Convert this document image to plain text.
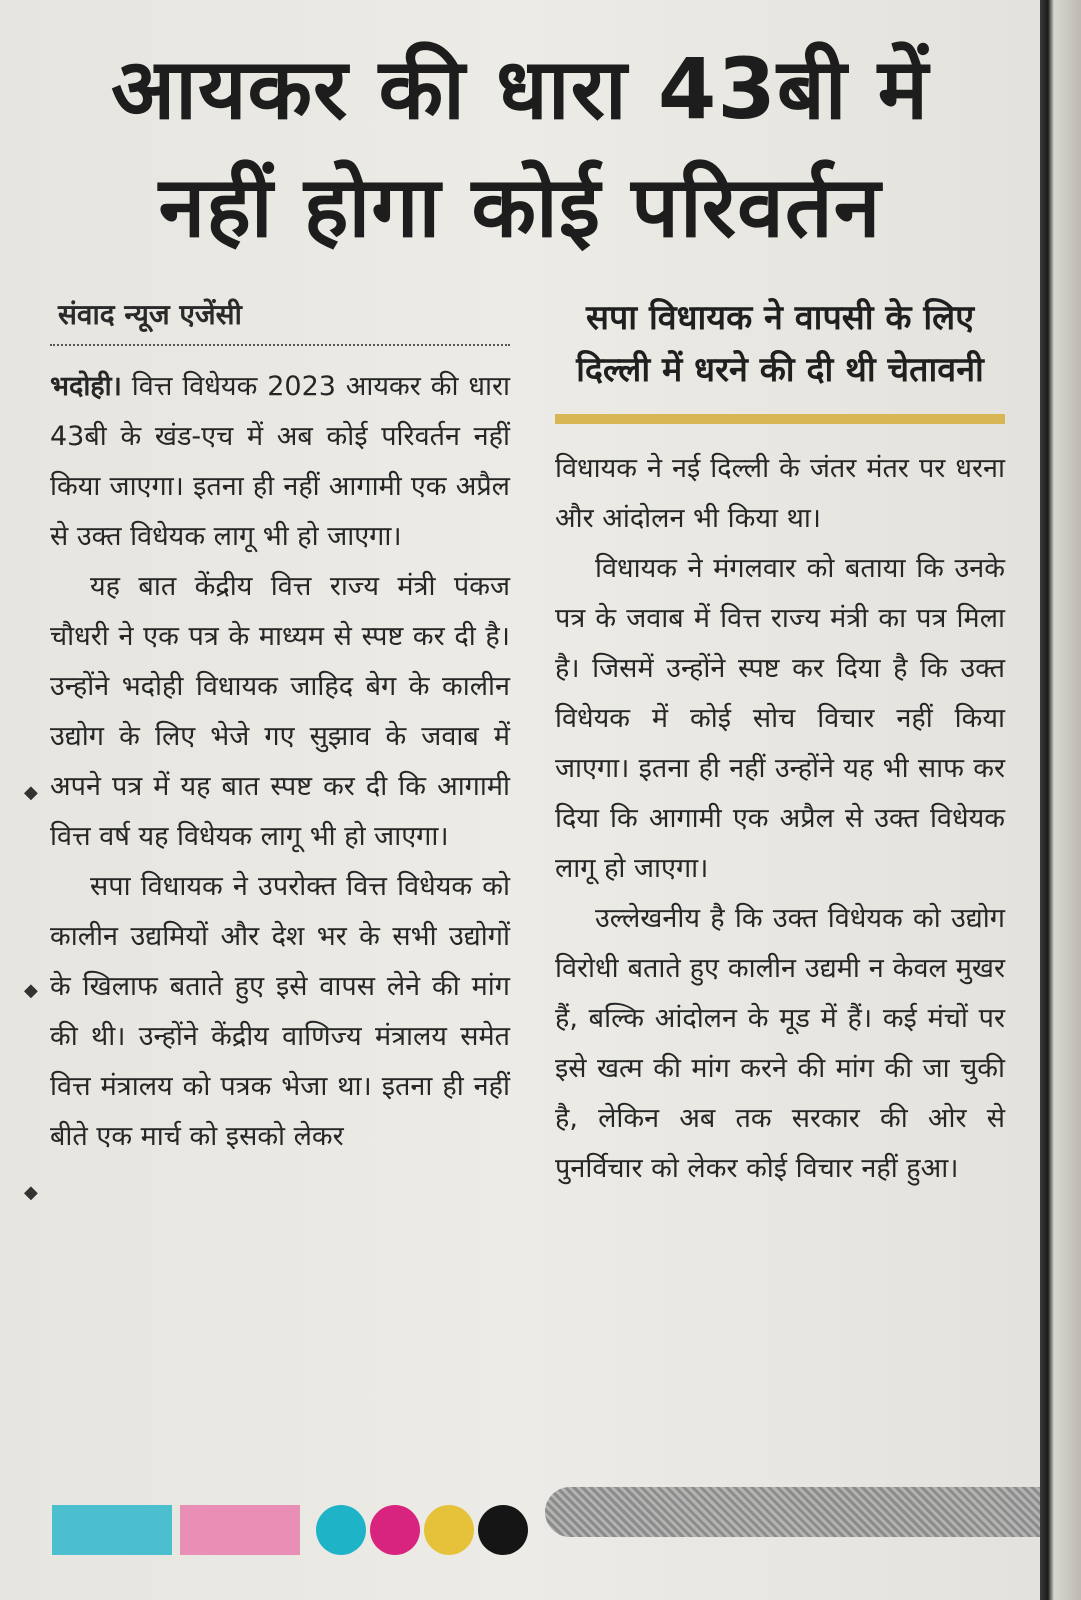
आयकर की धारा 43बी में
नहीं होगा कोई परिवर्तन
संवाद न्यूज एजेंसी

भदोही। वित्त विधेयक 2023 आयकर की धारा 43बी के खंड-एच में अब कोई परिवर्तन नहीं किया जाएगा। इतना ही नहीं आगामी एक अप्रैल से उक्त विधेयक लागू भी हो जाएगा।

यह बात केंद्रीय वित्त राज्य मंत्री पंकज चौधरी ने एक पत्र के माध्यम से स्पष्ट कर दी है। उन्होंने भदोही विधायक जाहिद बेग के कालीन उद्योग के लिए भेजे गए सुझाव के जवाब में अपने पत्र में यह बात स्पष्ट कर दी कि आगामी वित्त वर्ष यह विधेयक लागू भी हो जाएगा।

सपा विधायक ने उपरोक्त वित्त विधेयक को कालीन उद्यमियों और देश भर के सभी उद्योगों के खिलाफ बताते हुए इसे वापस लेने की मांग की थी। उन्होंने केंद्रीय वाणिज्य मंत्रालय समेत वित्त मंत्रालय को पत्रक भेजा था। इतना ही नहीं बीते एक मार्च को इसको लेकर

सपा विधायक ने वापसी के लिए दिल्ली में धरने की दी थी चेतावनी

विधायक ने नई दिल्ली के जंतर मंतर पर धरना और आंदोलन भी किया था।

विधायक ने मंगलवार को बताया कि उनके पत्र के जवाब में वित्त राज्य मंत्री का पत्र मिला है। जिसमें उन्होंने स्पष्ट कर दिया है कि उक्त विधेयक में कोई सोच विचार नहीं किया जाएगा। इतना ही नहीं उन्होंने यह भी साफ कर दिया कि आगामी एक अप्रैल से उक्त विधेयक लागू हो जाएगा।

उल्लेखनीय है कि उक्त विधेयक को उद्योग विरोधी बताते हुए कालीन उद्यमी न केवल मुखर हैं, बल्कि आंदोलन के मूड में हैं। कई मंचों पर इसे खत्म की मांग करने की मांग की जा चुकी है, लेकिन अब तक सरकार की ओर से पुनर्विचार को लेकर कोई विचार नहीं हुआ।

◆
◆
◆
